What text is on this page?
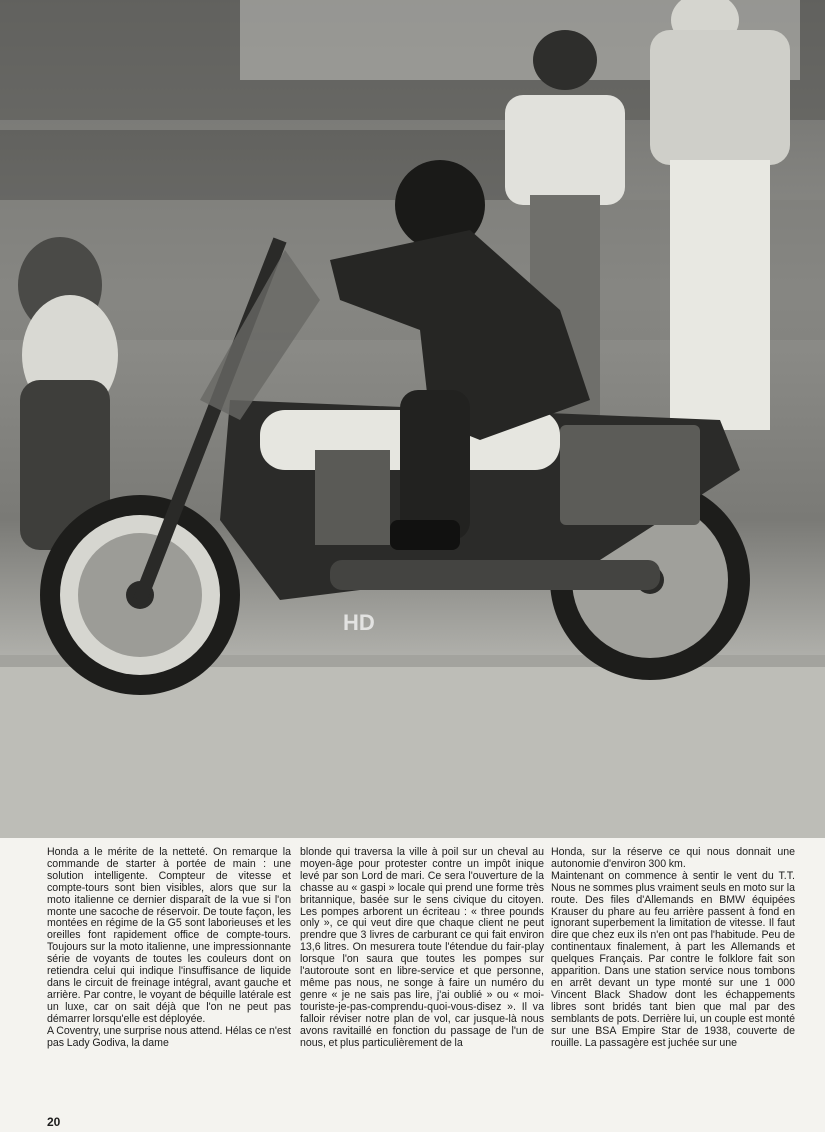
HD

Honda a le mérite de la netteté. On remarque la commande de starter à portée de main : une solution intelligente. Compteur de vitesse et compte-tours sont bien visibles, alors que sur la moto italienne ce dernier disparaît de la vue si l'on monte une sacoche de réservoir. De toute façon, les montées en régime de la G5 sont laborieuses et les oreilles font rapidement office de compte-tours. Toujours sur la moto italienne, une impressionnante série de voyants de toutes les couleurs dont on retiendra celui qui indique l'insuffisance de liquide dans le circuit de freinage intégral, avant gauche et arrière. Par contre, le voyant de béquille latérale est un luxe, car on sait déjà que l'on ne peut pas démarrer lorsqu'elle est déployée.

A Coventry, une surprise nous attend. Hélas ce n'est pas Lady Godiva, la dame

blonde qui traversa la ville à poil sur un cheval au moyen-âge pour protester contre un impôt inique levé par son Lord de mari. Ce sera l'ouverture de la chasse au « gaspi » locale qui prend une forme très britannique, basée sur le sens civique du citoyen. Les pompes arborent un écriteau : « three pounds only », ce qui veut dire que chaque client ne peut prendre que 3 livres de carburant ce qui fait environ 13,6 litres. On mesurera toute l'étendue du fair-play lorsque l'on saura que toutes les pompes sur l'autoroute sont en libre-service et que personne, même pas nous, ne songe à faire un numéro du genre « je ne sais pas lire, j'ai oublié » ou « moi-touriste-je-pas-comprendu-quoi-vous-disez ». Il va falloir réviser notre plan de vol, car jusque-là nous avons ravitaillé en fonction du passage de l'un de nous, et plus particulièrement de la

Honda, sur la réserve ce qui nous donnait une autonomie d'environ 300 km.

Maintenant on commence à sentir le vent du T.T. Nous ne sommes plus vraiment seuls en moto sur la route. Des files d'Allemands en BMW équipées Krauser du phare au feu arrière passent à fond en ignorant superbement la limitation de vitesse. Il faut dire que chez eux ils n'en ont pas l'habitude. Peu de continentaux finalement, à part les Allemands et quelques Français. Par contre le folklore fait son apparition. Dans une station service nous tombons en arrêt devant un type monté sur une 1 000 Vincent Black Shadow dont les échappements libres sont bridés tant bien que mal par des semblants de pots. Derrière lui, un couple est monté sur une BSA Empire Star de 1938, couverte de rouille. La passagère est juchée sur une

20
